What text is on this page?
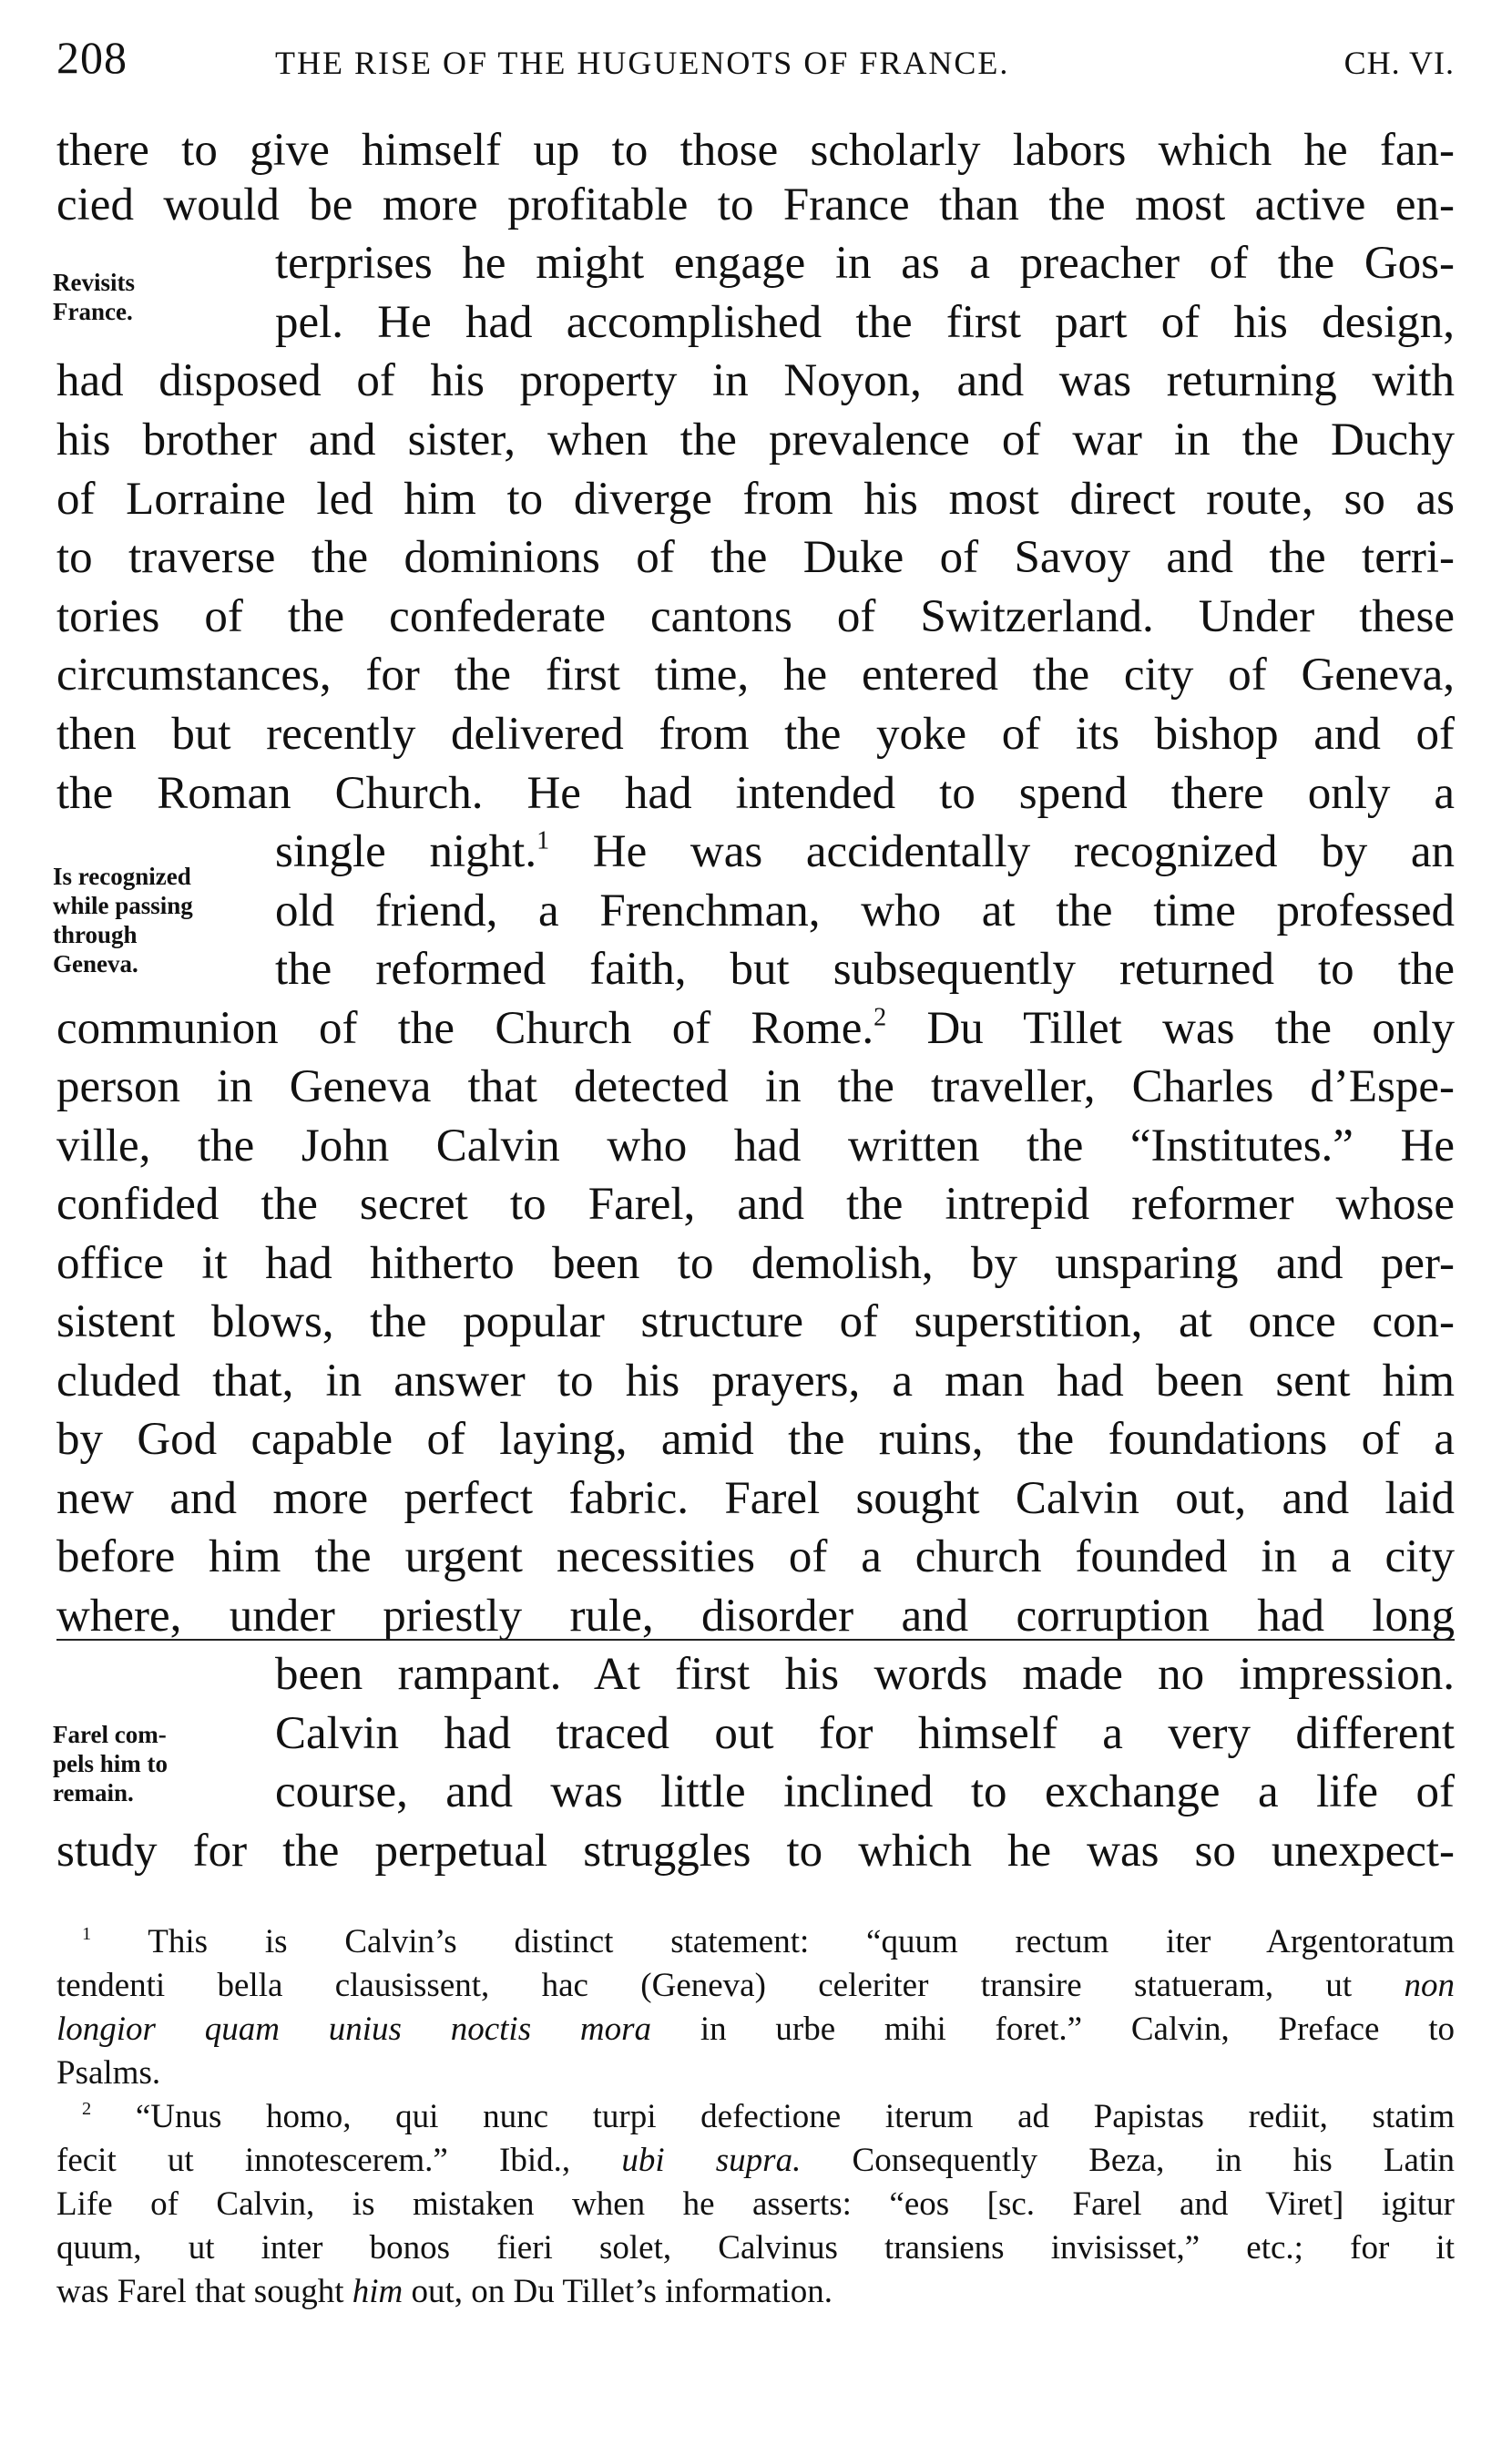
208	THE RISE OF THE HUGUENOTS OF FRANCE.	CH. VI.
there to give himself up to those scholarly labors which he fan-
cied would be more profitable to France than the most active en-
terprises he might engage in as a preacher of the Gos-
pel. He had accomplished the first part of his design,
had disposed of his property in Noyon, and was returning with
his brother and sister, when the prevalence of war in the Duchy
of Lorraine led him to diverge from his most direct route, so as
to traverse the dominions of the Duke of Savoy and the terri-
tories of the confederate cantons of Switzerland. Under these
circumstances, for the first time, he entered the city of Geneva,
then but recently delivered from the yoke of its bishop and of
the Roman Church. He had intended to spend there only a
single night.$^1$ He was accidentally recognized by an
old friend, a Frenchman, who at the time professed
the reformed faith, but subsequently returned to the
communion of the Church of Rome.$^2$ Du Tillet was the only
person in Geneva that detected in the traveller, Charles d’Espe-
ville, the John Calvin who had written the “Institutes.” He
confided the secret to Farel, and the intrepid reformer whose
office it had hitherto been to demolish, by unsparing and per-
sistent blows, the popular structure of superstition, at once con-
cluded that, in answer to his prayers, a man had been sent him
by God capable of laying, amid the ruins, the foundations of a
new and more perfect fabric. Farel sought Calvin out, and laid
before him the urgent necessities of a church founded in a city
where, under priestly rule, disorder and corruption had long
been rampant. At first his words made no impression.
Calvin had traced out for himself a very different
course, and was little inclined to exchange a life of
study for the perpetual struggles to which he was so unexpect-
Revisits
France.
Is recognized
while passing
through
Geneva.
Farel com-
pels him to
remain.
$^1$ This is Calvin’s distinct statement: “quum rectum iter Argentoratum
tendenti bella clausissent, hac (Geneva) celeriter transire statueram, ut non
longior quam unius noctis mora in urbe mihi foret.” Calvin, Preface to
Psalms.
$^2$ “Unus homo, qui nunc turpi defectione iterum ad Papistas rediit, statim
fecit ut innotescerem.” Ibid., ubi supra. Consequently Beza, in his Latin
Life of Calvin, is mistaken when he asserts: “eos [sc. Farel and Viret] igitur
quum, ut inter bonos fieri solet, Calvinus transiens invisisset,” etc.; for it
was Farel that sought him out, on Du Tillet’s information.
